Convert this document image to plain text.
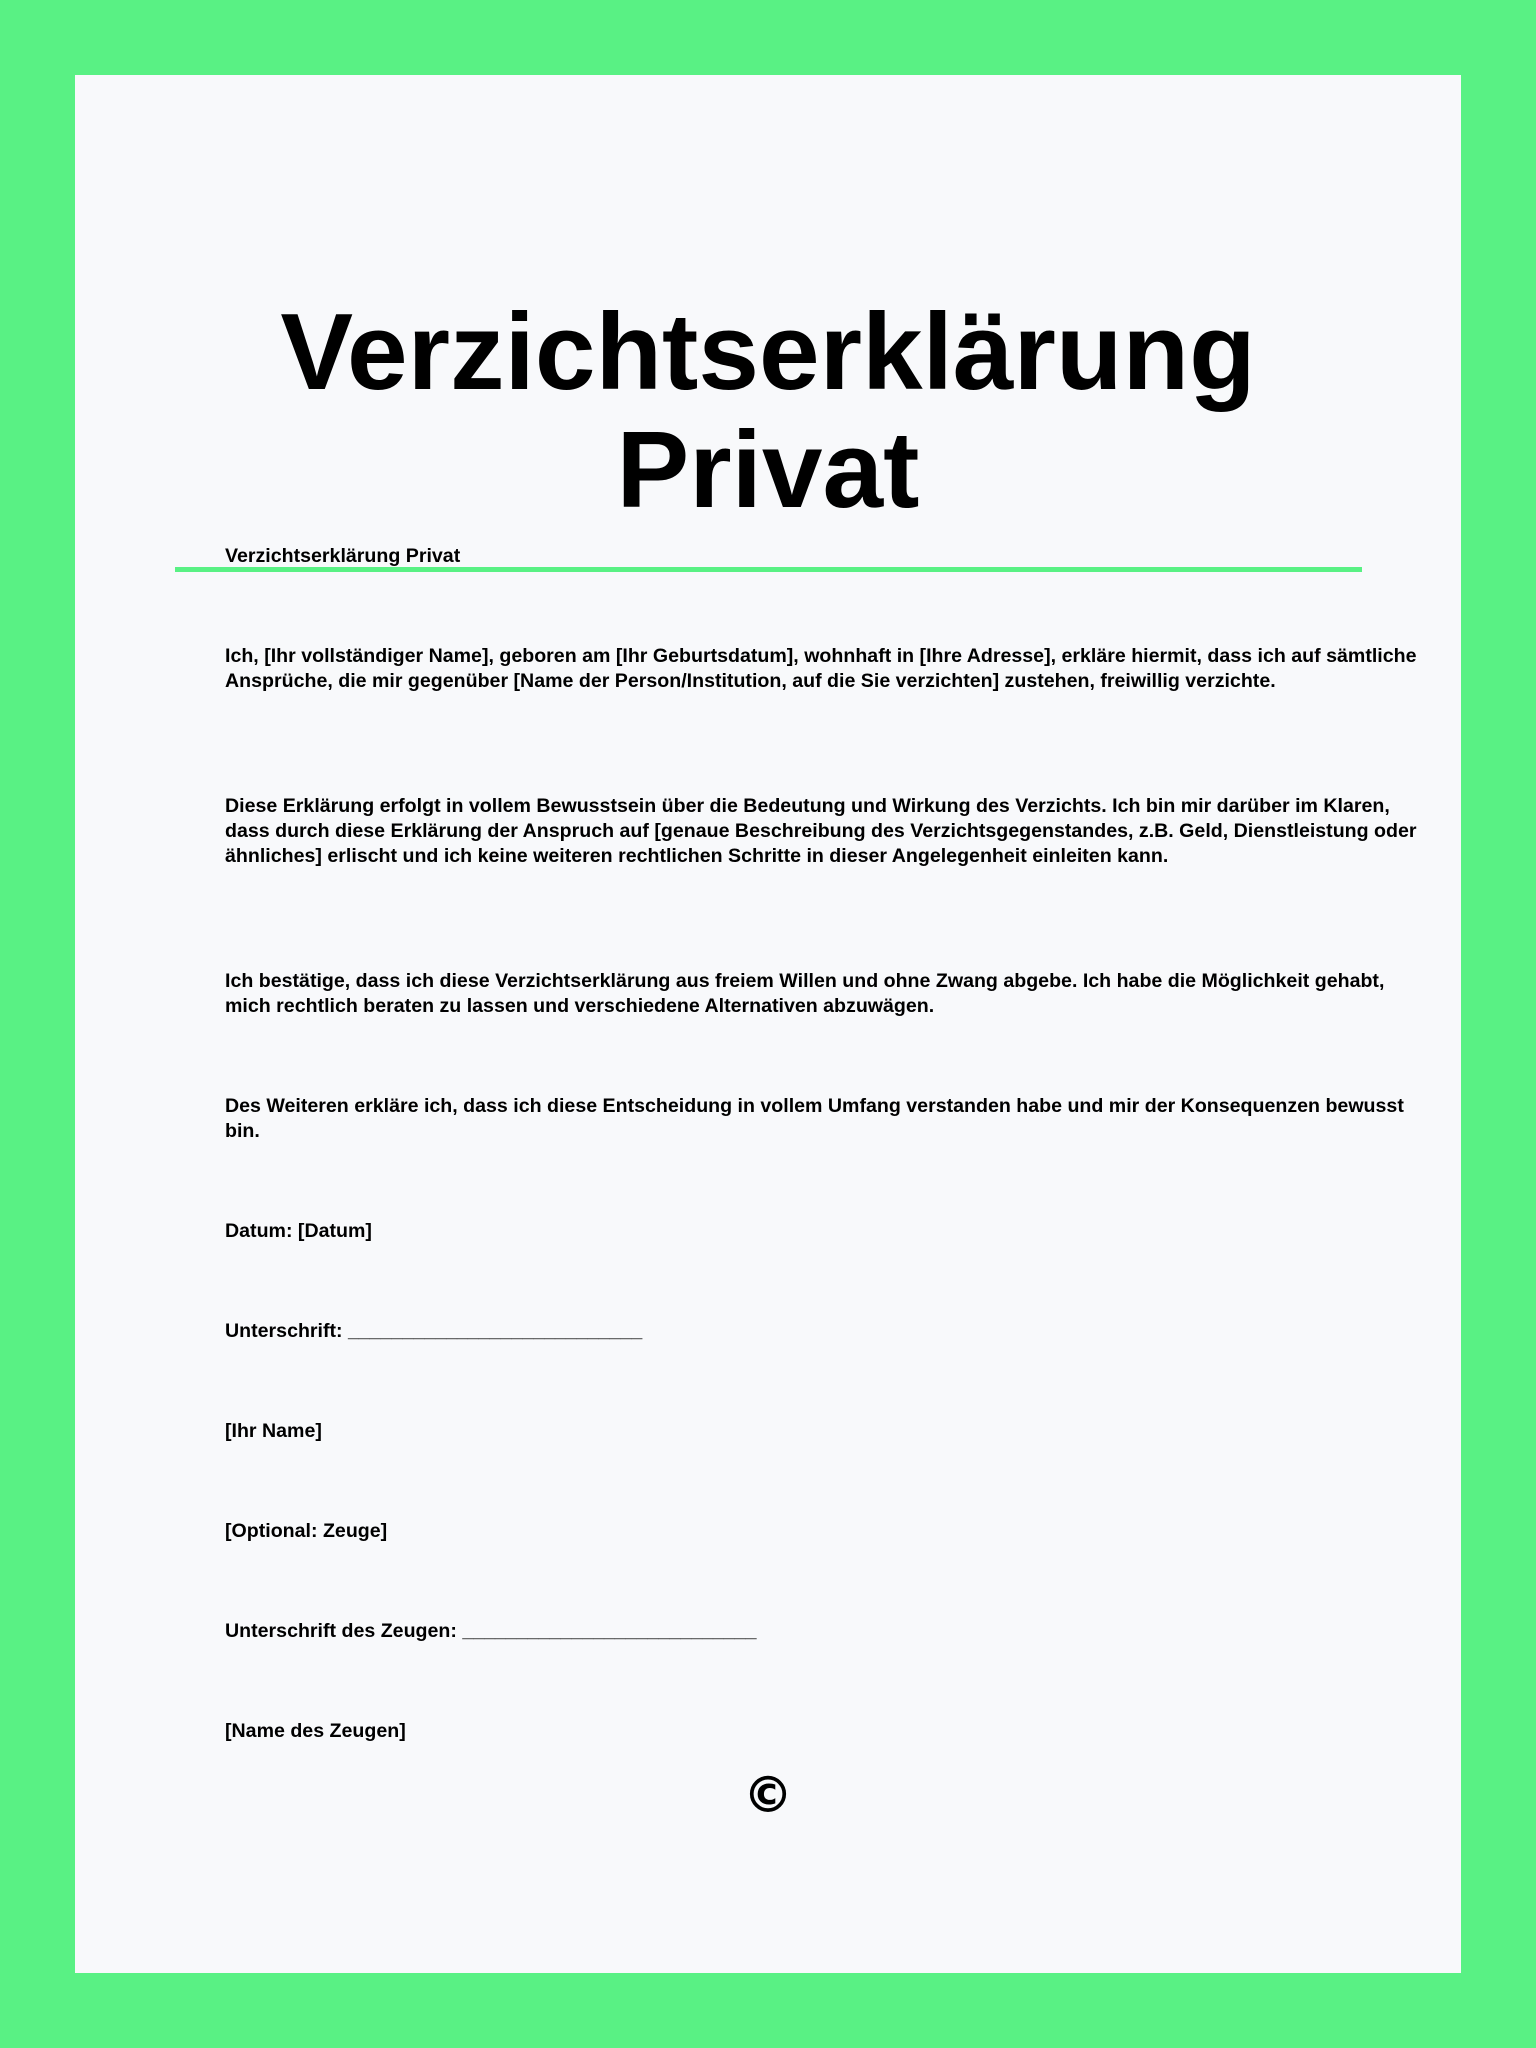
Verzichtserklärung
Privat

Verzichtserklärung Privat

Ich, [Ihr vollständiger Name], geboren am [Ihr Geburtsdatum], wohnhaft in [Ihre Adresse], erkläre hiermit, dass ich auf sämtliche Ansprüche, die mir gegenüber [Name der Person/Institution, auf die Sie verzichten] zustehen, freiwillig verzichte.

Diese Erklärung erfolgt in vollem Bewusstsein über die Bedeutung und Wirkung des Verzichts. Ich bin mir darüber im Klaren, dass durch diese Erklärung der Anspruch auf [genaue Beschreibung des Verzichtsgegenstandes, z.B. Geld, Dienstleistung oder ähnliches] erlischt und ich keine weiteren rechtlichen Schritte in dieser Angelegenheit einleiten kann.

Ich bestätige, dass ich diese Verzichtserklärung aus freiem Willen und ohne Zwang abgebe. Ich habe die Möglichkeit gehabt, mich rechtlich beraten zu lassen und verschiedene Alternativen abzuwägen.

Des Weiteren erkläre ich, dass ich diese Entscheidung in vollem Umfang verstanden habe und mir der Konsequenzen bewusst bin.

Datum: [Datum]

Unterschrift: ___________________________

[Ihr Name]

[Optional: Zeuge]

Unterschrift des Zeugen: ___________________________

[Name des Zeugen]

©
